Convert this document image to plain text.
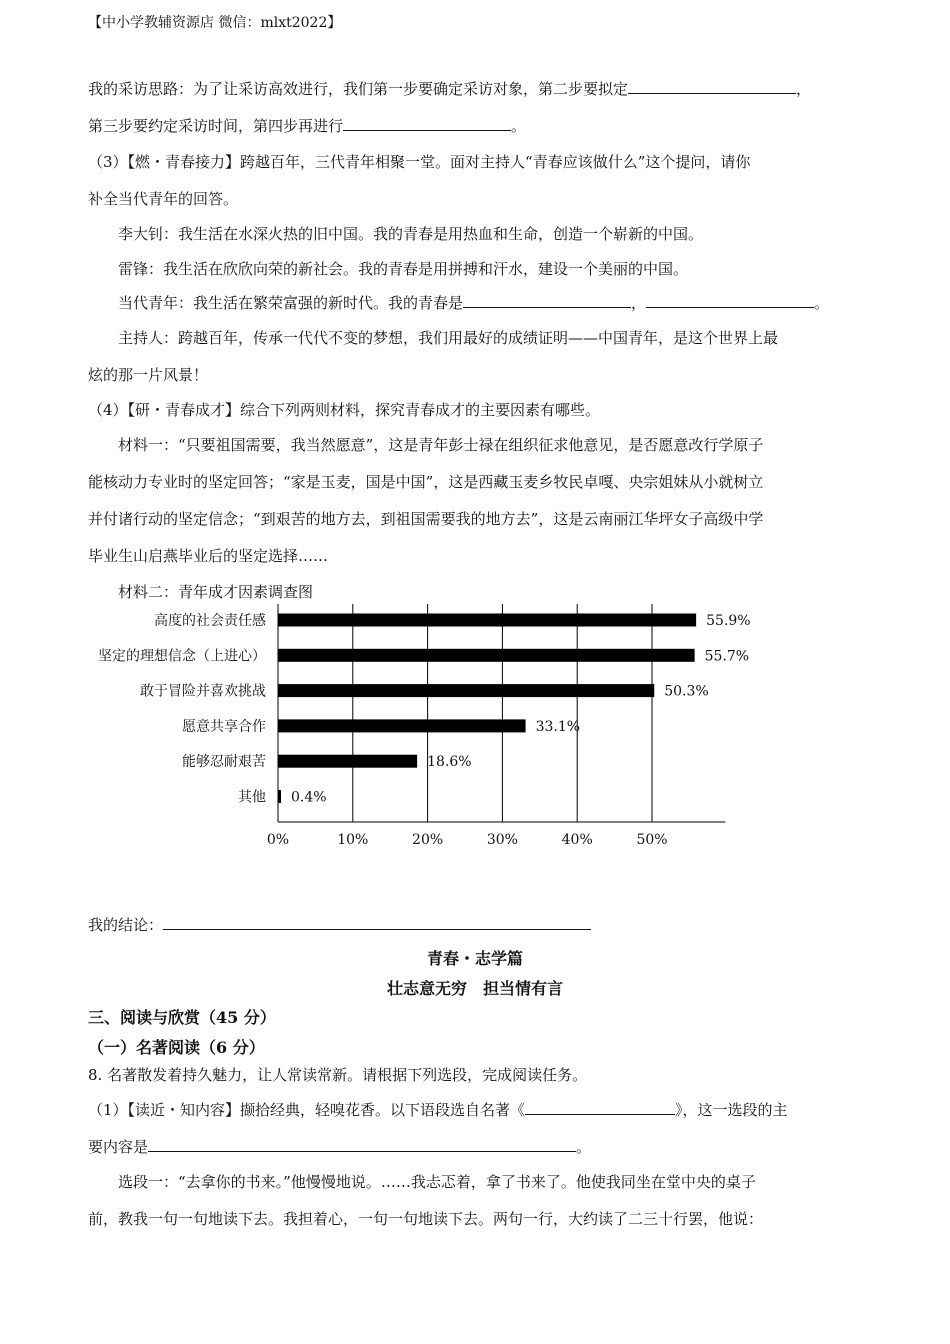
【中小学教辅资源店 微信：mlxt2022】
我的采访思路：为了让采访高效进行，我们第一步要确定采访对象，第二步要拟定	，
第三步要约定采访时间，第四步再进行	。
（3）【燃・青春接力】跨越百年，三代青年相聚一堂。面对主持人“青春应该做什么”这个提问，请你
补全当代青年的回答。
李大钊：我生活在水深火热的旧中国。我的青春是用热血和生命，创造一个崭新的中国。
雷锋：我生活在欣欣向荣的新社会。我的青春是用拼搏和汗水，建设一个美丽的中国。
当代青年：我生活在繁荣富强的新时代。我的青春是	，	。
主持人：跨越百年，传承一代代不变的梦想，我们用最好的成绩证明——中国青年，是这个世界上最
炫的那一片风景！
（4）【研・青春成才】综合下列两则材料，探究青春成才的主要因素有哪些。
材料一：“只要祖国需要，我当然愿意”，这是青年彭士禄在组织征求他意见，是否愿意改行学原子
能核动力专业时的坚定回答；“家是玉麦，国是中国”，这是西藏玉麦乡牧民卓嘎、央宗姐妹从小就树立
并付诸行动的坚定信念；“到艰苦的地方去，到祖国需要我的地方去”，这是云南丽江华坪女子高级中学
毕业生山启燕毕业后的坚定选择……
材料二：青年成才因素调查图
0%	10%	20%	30%	40%	50%
高度的社会责任感	55.9%
坚定的理想信念（上进心）	55.7%
敢于冒险并喜欢挑战	50.3%
愿意共享合作	33.1%
能够忍耐艰苦	18.6%
其他 0.4%
我的结论：
青春・志学篇
壮志意无穷　担当情有言
三、阅读与欣赏（45 分）
（一）名著阅读（6 分）
8. 名著散发着持久魅力，让人常读常新。请根据下列选段，完成阅读任务。
（1）【读近・知内容】撷拾经典，轻嗅花香。以下语段选自名著《	》，这一选段的主
要内容是	。
选段一：“去拿你的书来。”他慢慢地说。……我忐忑着，拿了书来了。他使我同坐在堂中央的桌子
前，教我一句一句地读下去。我担着心，一句一句地读下去。两句一行，大约读了二三十行罢，他说：
